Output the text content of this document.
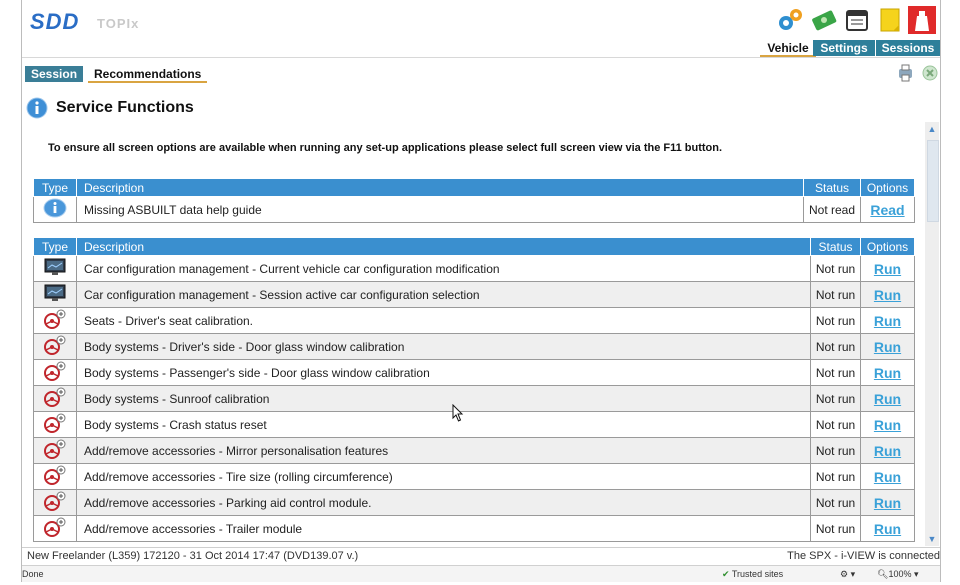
SDD TOPIx
Vehicle Settings	Sessions
Session	Recommendations
Service Functions
To ensure all screen options are available when running any set-up applications please select full screen view via the F11 button.
Type	Description	Status	Options
	Missing ASBUILT data help guide	Not read	Read
Type	Description	Status	Options
	Car configuration management - Current vehicle car configuration modification	Not run	Run
	Car configuration management - Session active car configuration selection	Not run	Run
	Seats - Driver's seat calibration.	Not run	Run
	Body systems - Driver's side - Door glass window calibration	Not run	Run
	Body systems - Passenger's side - Door glass window calibration	Not run	Run
	Body systems - Sunroof calibration	Not run	Run
	Body systems - Crash status reset	Not run	Run
	Add/remove accessories - Mirror personalisation features	Not run	Run
	Add/remove accessories - Tire size (rolling circumference)	Not run	Run
	Add/remove accessories - Parking aid control module.	Not run	Run
	Add/remove accessories - Trailer module	Not run	Run
▲
▼
New Freelander (L359) 172120 - 31 Oct 2014 17:47 (DVD139.07 v.)	The SPX - i-VIEW is connected
Done	✔ Trusted sites	⚙ ▾ 🔍︎100% ▾
